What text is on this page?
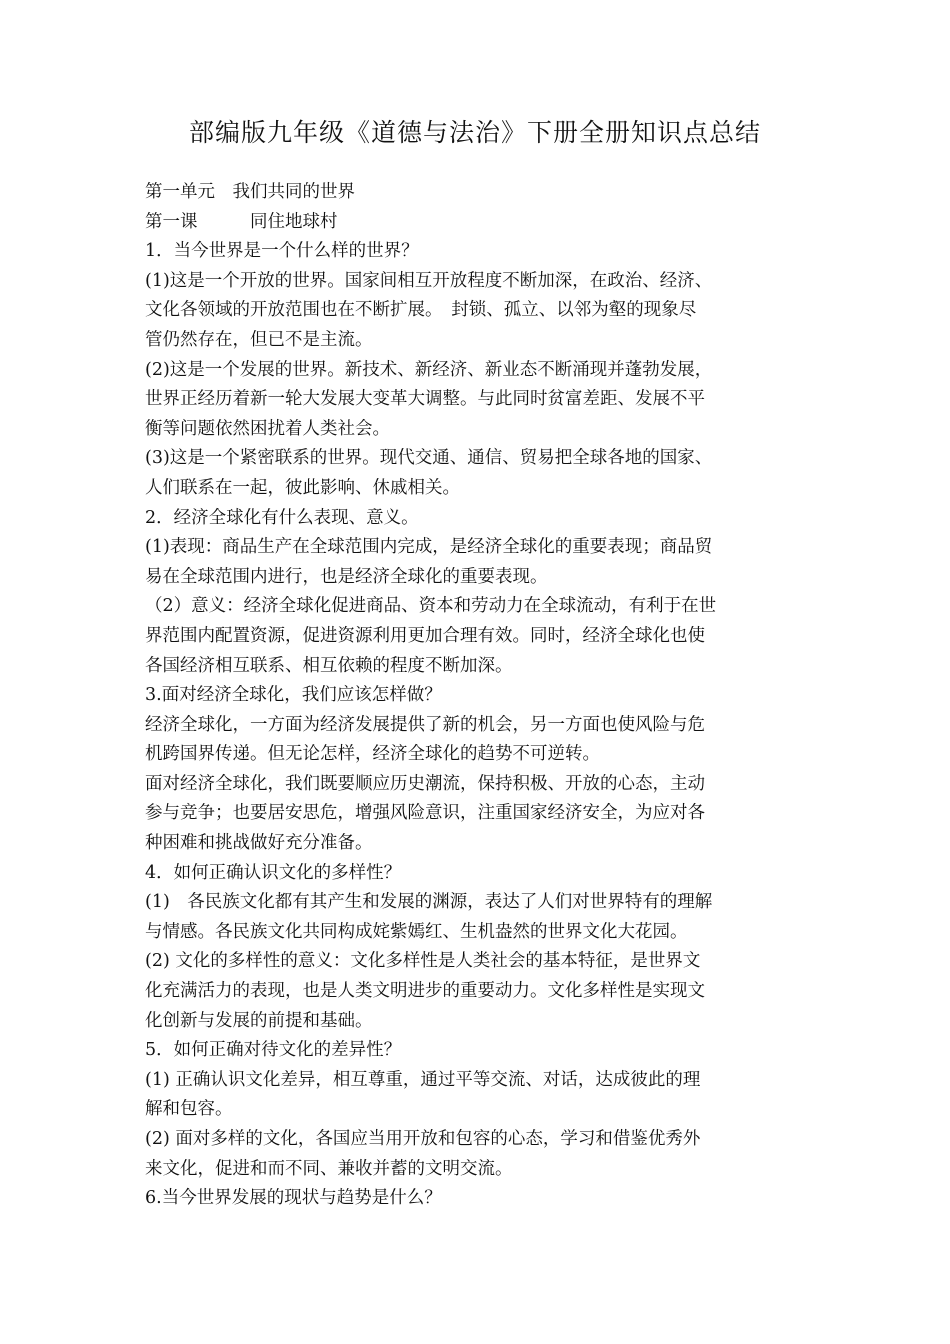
部编版九年级《道德与法治》下册全册知识点总结
第一单元　我们共同的世界
第一课　　　同住地球村
1．当今世界是一个什么样的世界？
(1)这是一个开放的世界。国家间相互开放程度不断加深，在政治、经济、
文化各领域的开放范围也在不断扩展。　封锁、孤立、以邻为壑的现象尽
管仍然存在，但已不是主流。
(2)这是一个发展的世界。新技术、新经济、新业态不断涌现并蓬勃发展，
世界正经历着新一轮大发展大变革大调整。与此同时贫富差距、发展不平
衡等问题依然困扰着人类社会。
(3)这是一个紧密联系的世界。现代交通、通信、贸易把全球各地的国家、
人们联系在一起，彼此影响、休戚相关。
2．经济全球化有什么表现、意义。
(1)表现：商品生产在全球范围内完成，是经济全球化的重要表现；商品贸
易在全球范围内进行，也是经济全球化的重要表现。
（2）意义：经济全球化促进商品、资本和劳动力在全球流动，有利于在世
界范围内配置资源，促进资源利用更加合理有效。同时，经济全球化也使
各国经济相互联系、相互依赖的程度不断加深。
3.面对经济全球化，我们应该怎样做？
经济全球化，一方面为经济发展提供了新的机会，另一方面也使风险与危
机跨国界传递。但无论怎样，经济全球化的趋势不可逆转。
面对经济全球化，我们既要顺应历史潮流，保持积极、开放的心态，主动
参与竞争；也要居安思危，增强风险意识，注重国家经济安全，为应对各
种困难和挑战做好充分准备。
4．如何正确认识文化的多样性？
(1)　各民族文化都有其产生和发展的渊源，表达了人们对世界特有的理解
与情感。各民族文化共同构成姹紫嫣红、生机盎然的世界文化大花园。
(2) 文化的多样性的意义：文化多样性是人类社会的基本特征，是世界文
化充满活力的表现，也是人类文明进步的重要动力。文化多样性是实现文
化创新与发展的前提和基础。
5．如何正确对待文化的差异性？
(1) 正确认识文化差异，相互尊重，通过平等交流、对话，达成彼此的理
解和包容。
(2) 面对多样的文化，各国应当用开放和包容的心态，学习和借鉴优秀外
来文化，促进和而不同、兼收并蓄的文明交流。
6.当今世界发展的现状与趋势是什么？
